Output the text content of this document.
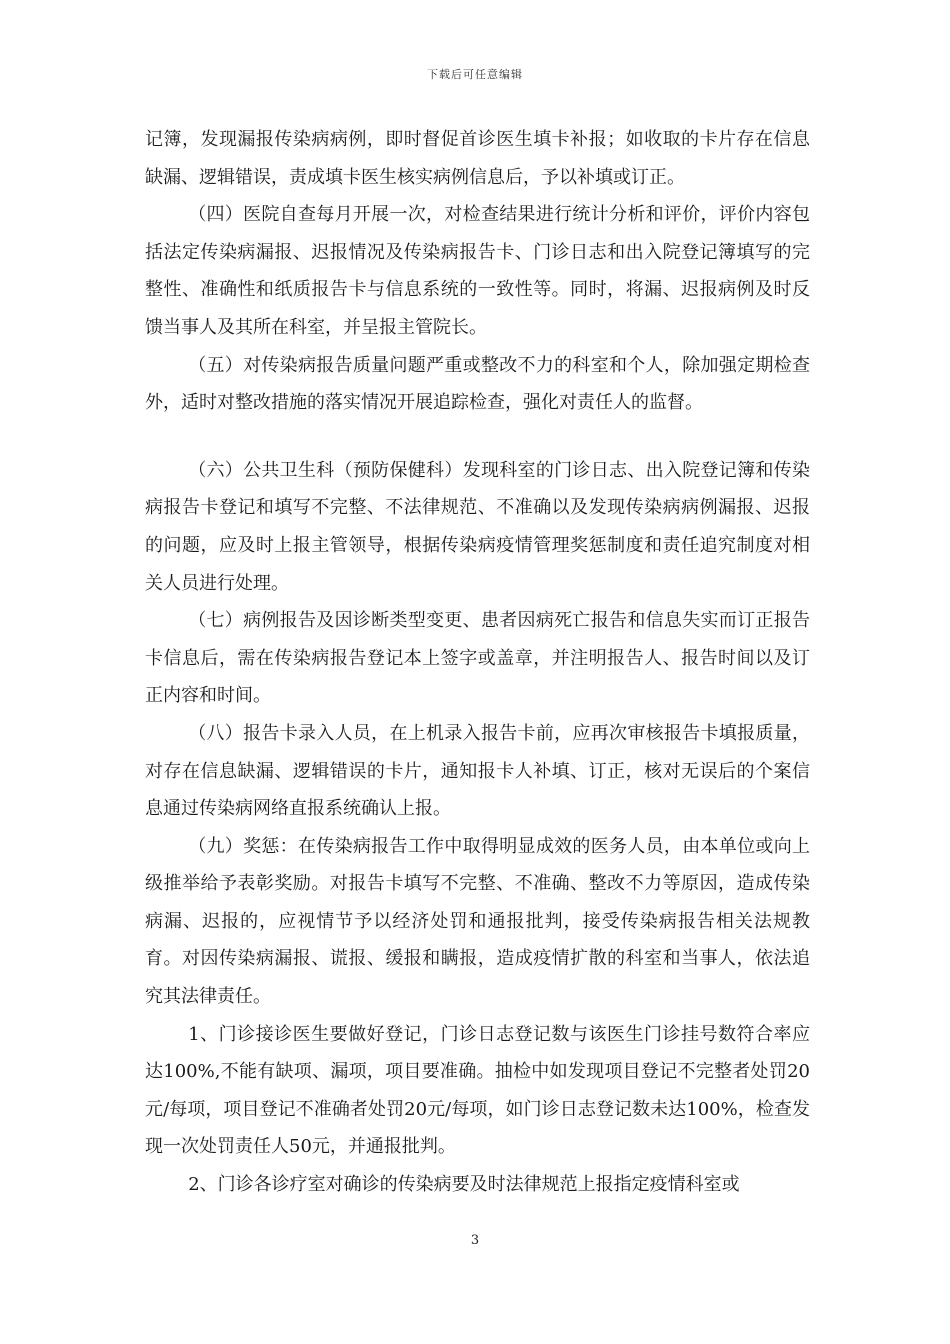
下载后可任意编辑

记簿，发现漏报传染病病例，即时督促首诊医生填卡补报；如收取的卡片存在信息缺漏、逻辑错误，责成填卡医生核实病例信息后，予以补填或订正。

（四）医院自查每月开展一次，对检查结果进行统计分析和评价，评价内容包括法定传染病漏报、迟报情况及传染病报告卡、门诊日志和出入院登记簿填写的完整性、准确性和纸质报告卡与信息系统的一致性等。同时，将漏、迟报病例及时反馈当事人及其所在科室，并呈报主管院长。

（五）对传染病报告质量问题严重或整改不力的科室和个人，除加强定期检查外，适时对整改措施的落实情况开展追踪检查，强化对责任人的监督。

（六）公共卫生科（预防保健科）发现科室的门诊日志、出入院登记簿和传染病报告卡登记和填写不完整、不法律规范、不准确以及发现传染病病例漏报、迟报的问题，应及时上报主管领导，根据传染病疫情管理奖惩制度和责任追究制度对相关人员进行处理。

（七）病例报告及因诊断类型变更、患者因病死亡报告和信息失实而订正报告卡信息后，需在传染病报告登记本上签字或盖章，并注明报告人、报告时间以及订正内容和时间。

（八）报告卡录入人员，在上机录入报告卡前，应再次审核报告卡填报质量，对存在信息缺漏、逻辑错误的卡片，通知报卡人补填、订正，核对无误后的个案信息通过传染病网络直报系统确认上报。

（九）奖惩：在传染病报告工作中取得明显成效的医务人员，由本单位或向上级推举给予表彰奖励。对报告卡填写不完整、不准确、整改不力等原因，造成传染病漏、迟报的，应视情节予以经济处罚和通报批判，接受传染病报告相关法规教育。对因传染病漏报、谎报、缓报和瞒报，造成疫情扩散的科室和当事人，依法追究其法律责任。

1、门诊接诊医生要做好登记，门诊日志登记数与该医生门诊挂号数符合率应达100%,不能有缺项、漏项，项目要准确。抽检中如发现项目登记不完整者处罚20元/每项，项目登记不准确者处罚20元/每项，如门诊日志登记数未达100%，检查发现一次处罚责任人50元，并通报批判。

2、门诊各诊疗室对确诊的传染病要及时法律规范上报指定疫情科室或

3
